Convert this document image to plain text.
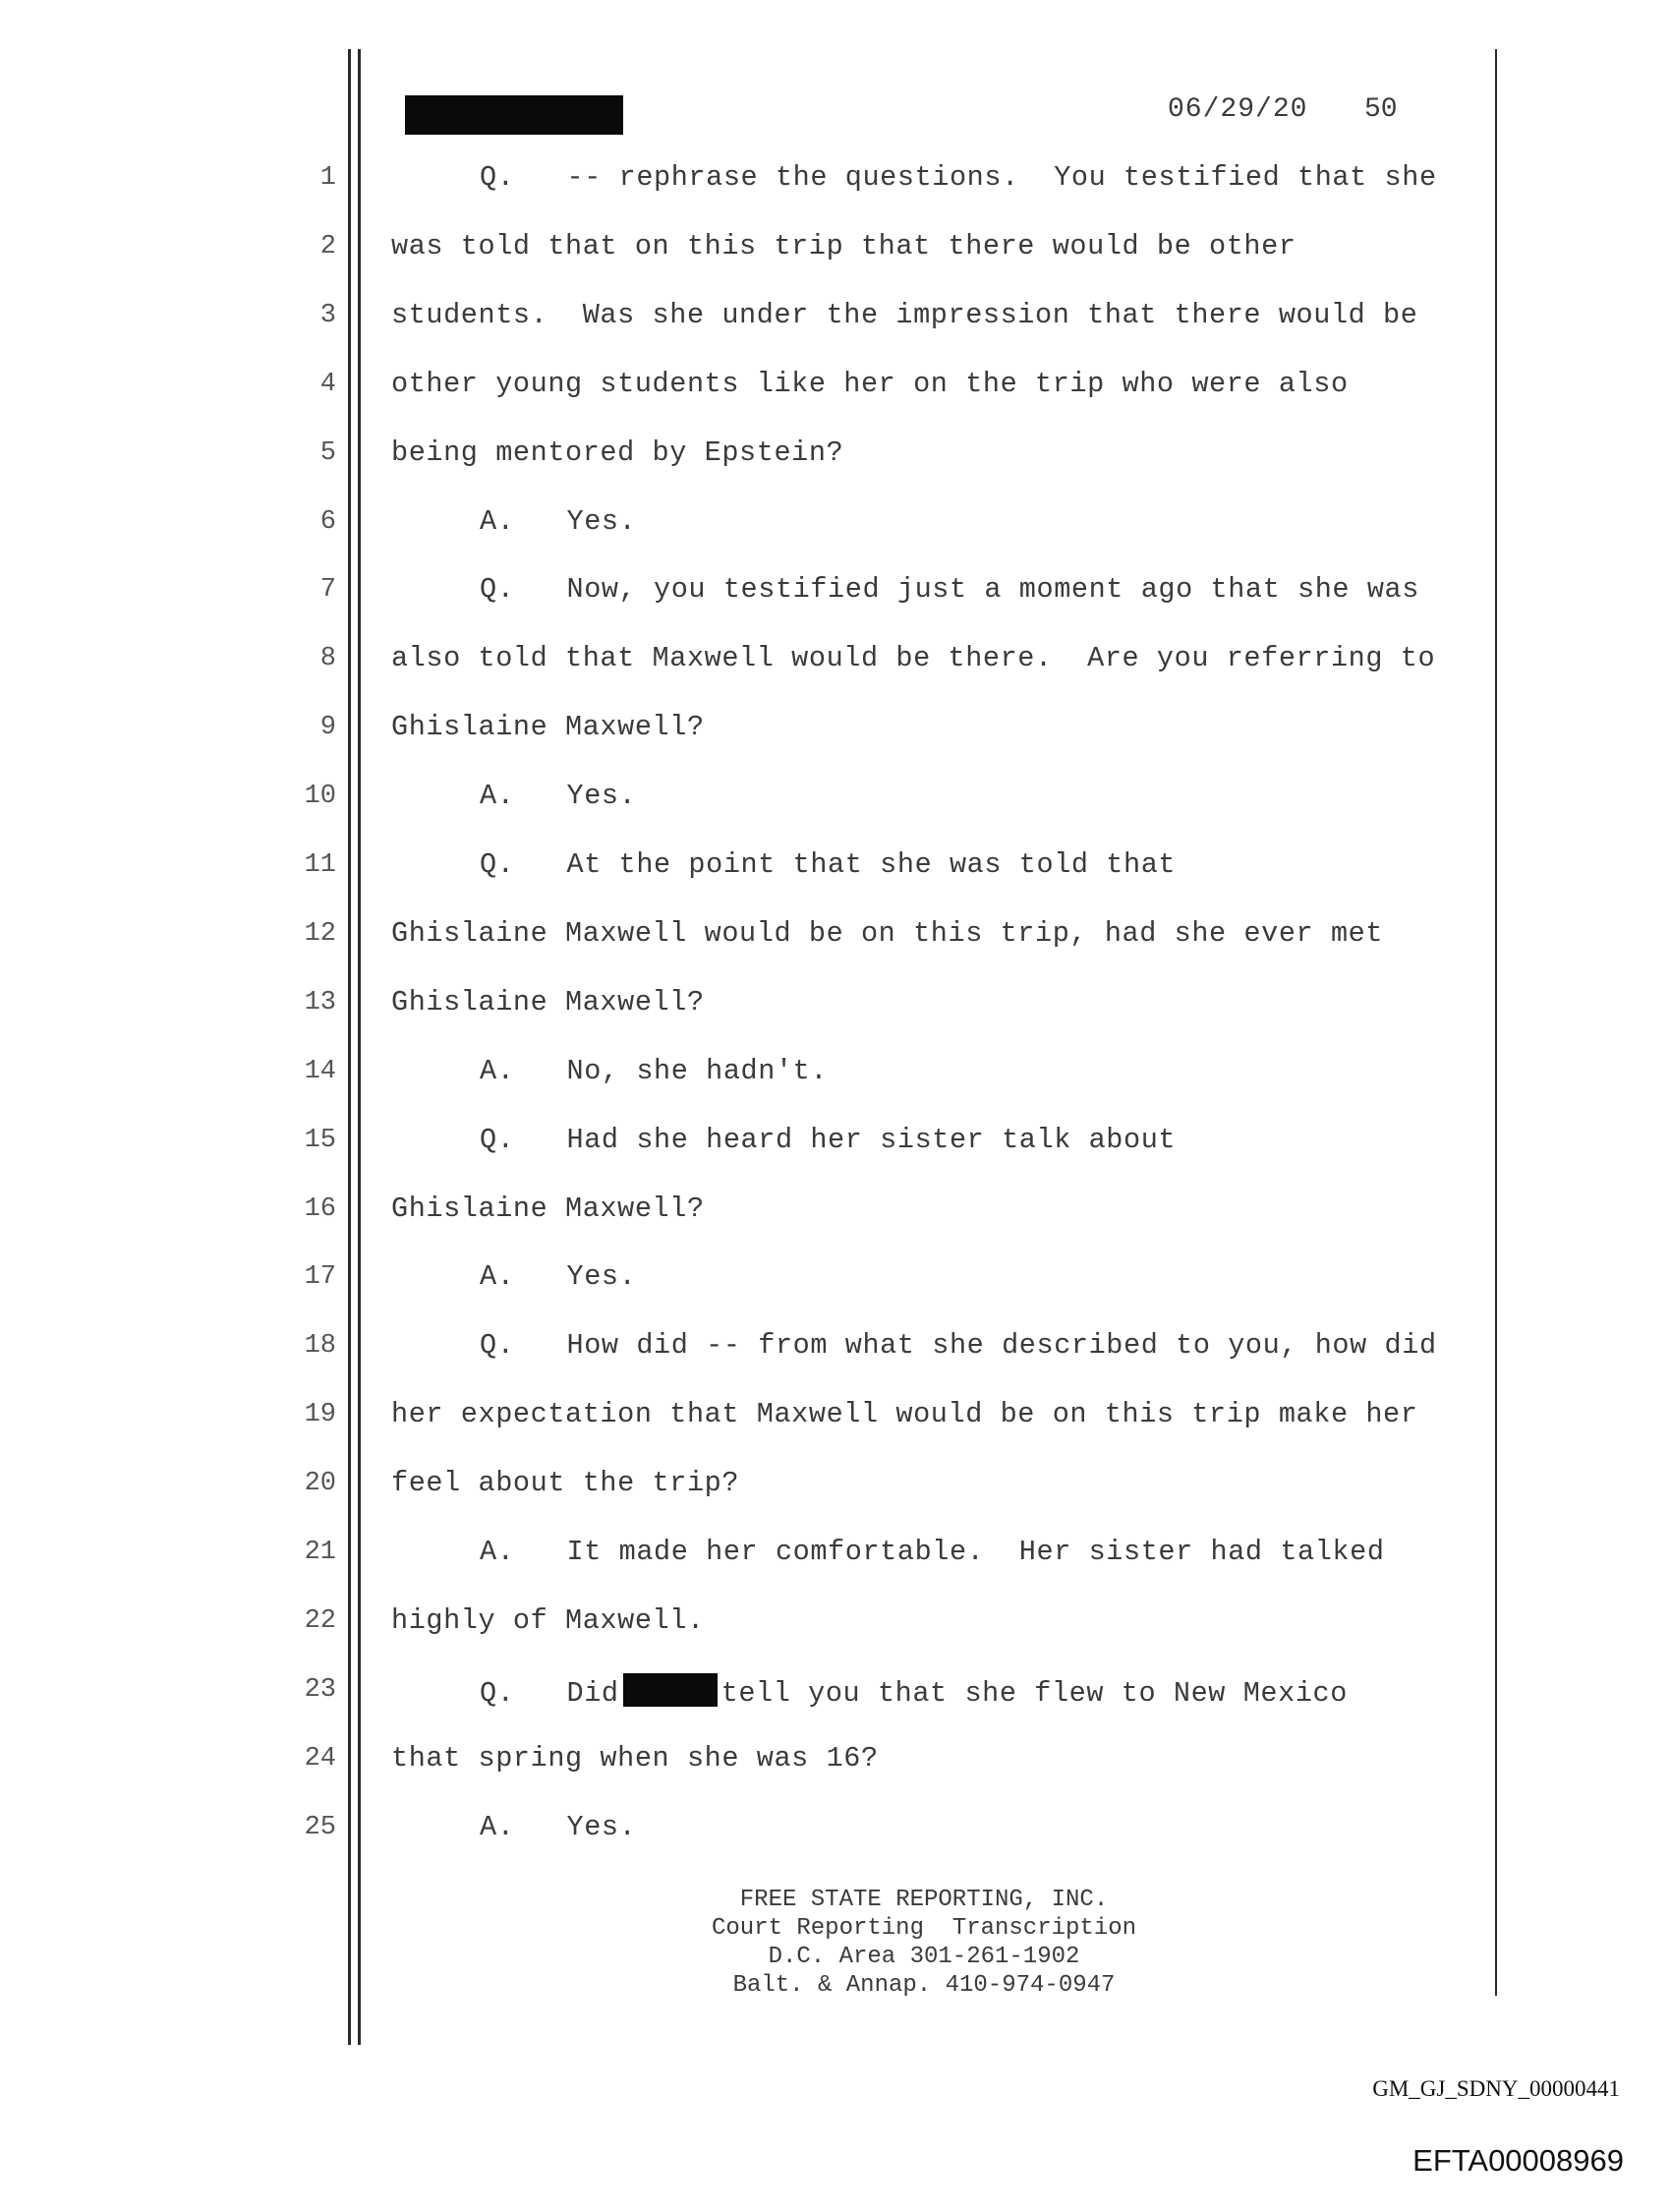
06/29/20 50
1	Q.   -- rephrase the questions.  You testified that she
2 was told that on this trip that there would be other
3 students.  Was she under the impression that there would be
4 other young students like her on the trip who were also
5 being mentored by Epstein?
6	A.   Yes.
7	Q.   Now, you testified just a moment ago that she was
8 also told that Maxwell would be there.  Are you referring to
9 Ghislaine Maxwell?
10	A.   Yes.
11	Q.   At the point that she was told that
12 Ghislaine Maxwell would be on this trip, had she ever met
13 Ghislaine Maxwell?
14	A.   No, she hadn't.
15	Q.   Had she heard her sister talk about
16 Ghislaine Maxwell?
17	A.   Yes.
18	Q.   How did -- from what she described to you, how did
19 her expectation that Maxwell would be on this trip make her
20 feel about the trip?
21	A.   It made her comfortable.  Her sister had talked
22 highly of Maxwell.
23	Q.   Did	tell you that she flew to New Mexico
24 that spring when she was 16?
25	A.   Yes.
FREE STATE REPORTING, INC.
Court Reporting  Transcription
D.C. Area 301-261-1902
Balt. & Annap. 410-974-0947
GM_GJ_SDNY_00000441
EFTA00008969
